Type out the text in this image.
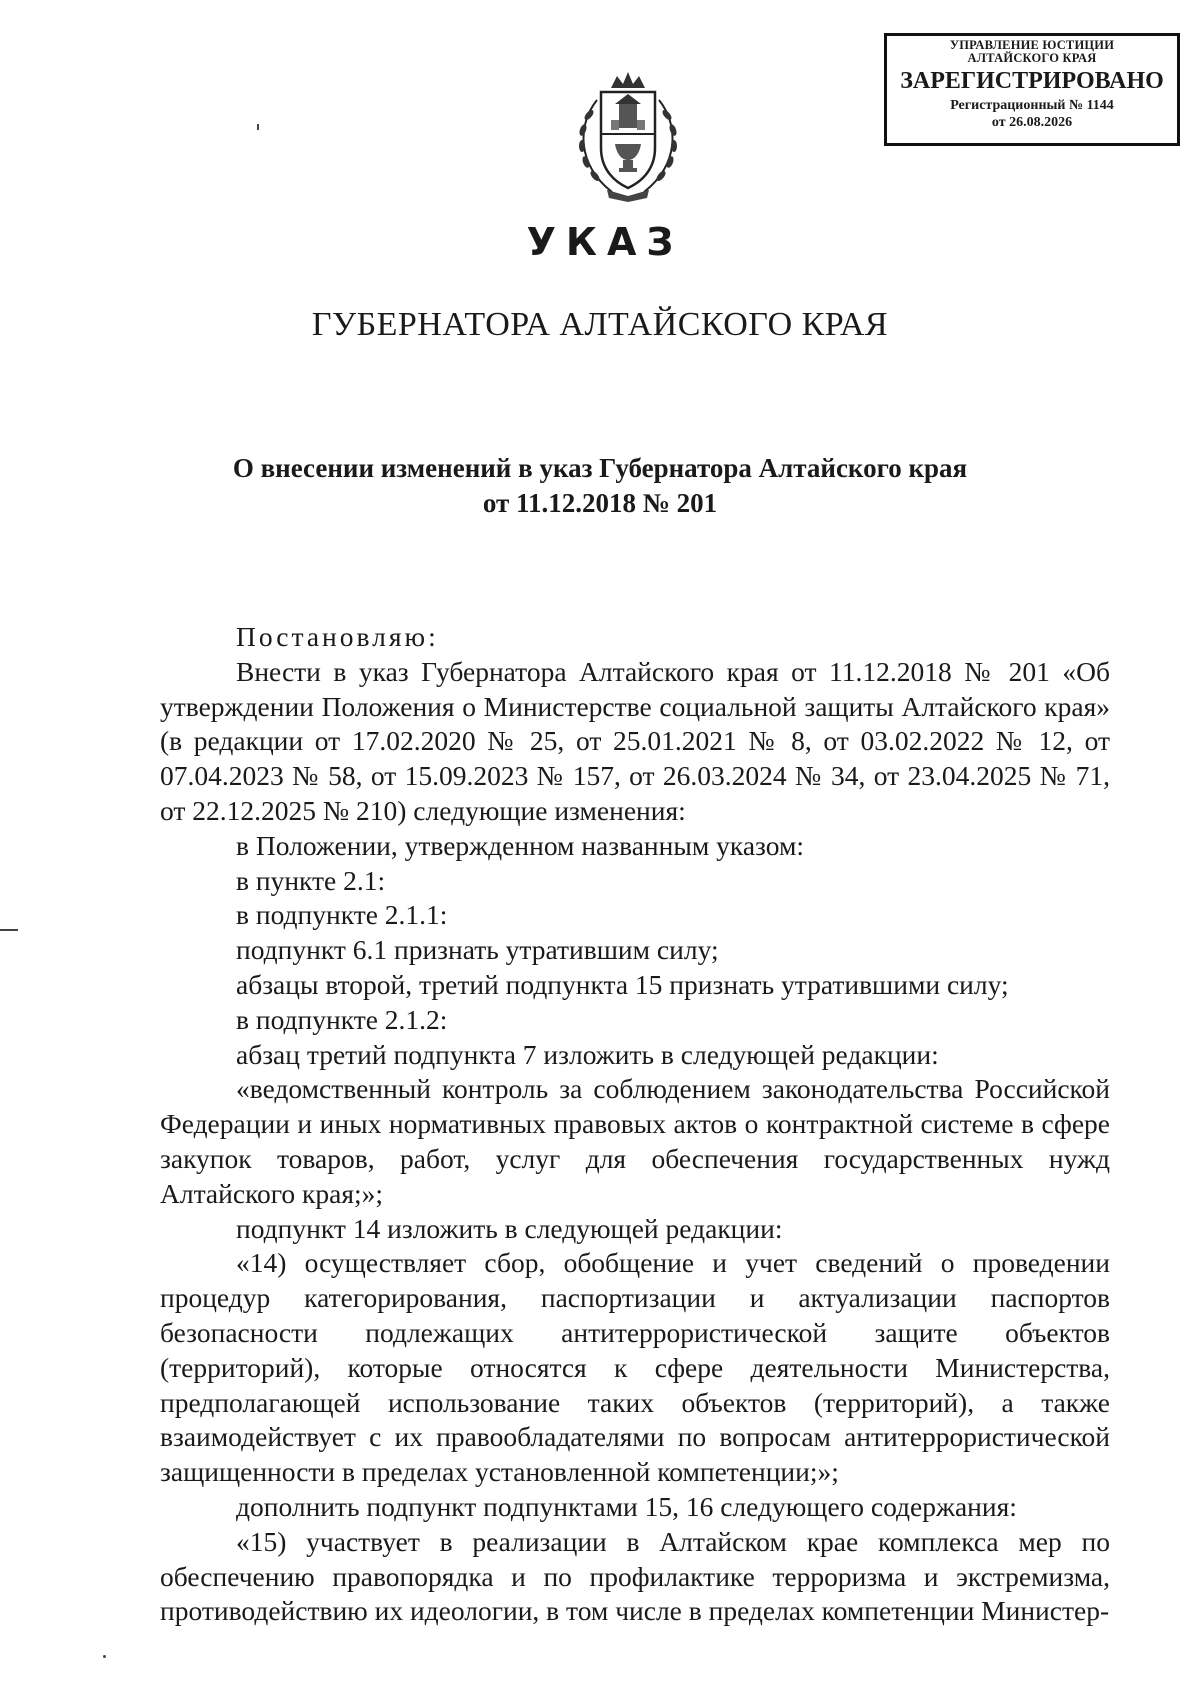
УПРАВЛЕНИЕ ЮСТИЦИИ
АЛТАЙСКОГО КРАЯ
ЗАРЕГИСТРИРОВАНО
Регистрационный № 1144
от 26.08.2026
УКАЗ
ГУБЕРНАТОРА АЛТАЙСКОГО КРАЯ
О внесении изменений в указ Губернатора Алтайского края
от 11.12.2018 № 201

Постановляю:

Внести в указ Губернатора Алтайского края от 11.12.2018 № 201 «Об утверждении Положения о Министерстве социальной защиты Алтайского края» (в редакции от 17.02.2020 № 25, от 25.01.2021 № 8, от 03.02.2022 № 12, от 07.04.2023 № 58, от 15.09.2023 № 157, от 26.03.2024 № 34, от 23.04.2025 № 71, от 22.12.2025 № 210) следующие изменения:

в Положении, утвержденном названным указом:

в пункте 2.1:

в подпункте 2.1.1:

подпункт 6.1 признать утратившим силу;

абзацы второй, третий подпункта 15 признать утратившими силу;

в подпункте 2.1.2:

абзац третий подпункта 7 изложить в следующей редакции:

«ведомственный контроль за соблюдением законодательства Российской Федерации и иных нормативных правовых актов о контрактной системе в сфере закупок товаров, работ, услуг для обеспечения государственных нужд Алтайского края;»;

подпункт 14 изложить в следующей редакции:

«14) осуществляет сбор, обобщение и учет сведений о проведении процедур категорирования, паспортизации и актуализации паспортов безопасности подлежащих антитеррористической защите объектов (территорий), которые относятся к сфере деятельности Министерства, предполагающей использование таких объектов (территорий), а также взаимодействует с их правообладателями по вопросам антитеррористической защищенности в пределах установленной компетенции;»;

дополнить подпункт подпунктами 15, 16 следующего содержания:

«15) участвует в реализации в Алтайском крае комплекса мер по обеспечению правопорядка и по профилактике терроризма и экстремизма, противодействию их идеологии, в том числе в пределах компетенции Министер-
